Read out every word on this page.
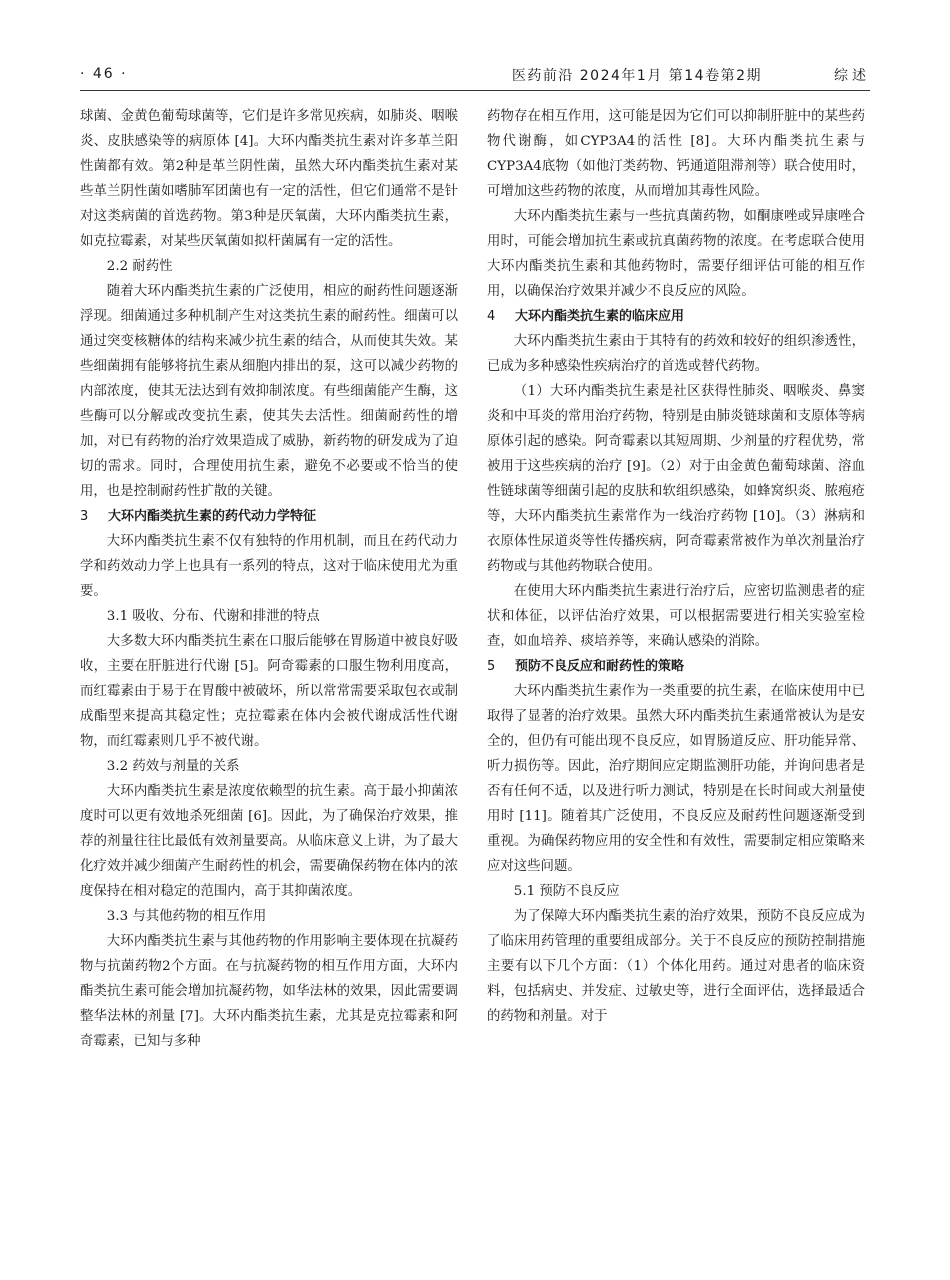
· 46 ·	医药前沿 2024年1月 第14卷第2期	综述

球菌、金黄色葡萄球菌等，它们是许多常见疾病，如肺炎、咽喉炎、皮肤感染等的病原体 [4]。大环内酯类抗生素对许多革兰阳性菌都有效。第2种是革兰阴性菌，虽然大环内酯类抗生素对某些革兰阴性菌如嗜肺军团菌也有一定的活性，但它们通常不是针对这类病菌的首选药物。第3种是厌氧菌，大环内酯类抗生素，如克拉霉素，对某些厌氧菌如拟杆菌属有一定的活性。

2.2 耐药性

随着大环内酯类抗生素的广泛使用，相应的耐药性问题逐渐浮现。细菌通过多种机制产生对这类抗生素的耐药性。细菌可以通过突变核糖体的结构来减少抗生素的结合，从而使其失效。某些细菌拥有能够将抗生素从细胞内排出的泵，这可以减少药物的内部浓度，使其无法达到有效抑制浓度。有些细菌能产生酶，这些酶可以分解或改变抗生素，使其失去活性。细菌耐药性的增加，对已有药物的治疗效果造成了威胁，新药物的研发成为了迫切的需求。同时，合理使用抗生素，避免不必要或不恰当的使用，也是控制耐药性扩散的关键。

3 大环内酯类抗生素的药代动力学特征

大环内酯类抗生素不仅有独特的作用机制，而且在药代动力学和药效动力学上也具有一系列的特点，这对于临床使用尤为重要。

3.1 吸收、分布、代谢和排泄的特点

大多数大环内酯类抗生素在口服后能够在胃肠道中被良好吸收，主要在肝脏进行代谢 [5]。阿奇霉素的口服生物利用度高，而红霉素由于易于在胃酸中被破坏，所以常常需要采取包衣或制成酯型来提高其稳定性；克拉霉素在体内会被代谢成活性代谢物，而红霉素则几乎不被代谢。

3.2 药效与剂量的关系

大环内酯类抗生素是浓度依赖型的抗生素。高于最小抑菌浓度时可以更有效地杀死细菌 [6]。因此，为了确保治疗效果，推荐的剂量往往比最低有效剂量要高。从临床意义上讲，为了最大化疗效并减少细菌产生耐药性的机会，需要确保药物在体内的浓度保持在相对稳定的范围内，高于其抑菌浓度。

3.3 与其他药物的相互作用

大环内酯类抗生素与其他药物的作用影响主要体现在抗凝药物与抗菌药物2个方面。在与抗凝药物的相互作用方面，大环内酯类抗生素可能会增加抗凝药物，如华法林的效果，因此需要调整华法林的剂量 [7]。大环内酯类抗生素，尤其是克拉霉素和阿奇霉素，已知与多种

药物存在相互作用，这可能是因为它们可以抑制肝脏中的某些药物代谢酶，如CYP3A4的活性 [8]。大环内酯类抗生素与CYP3A4底物（如他汀类药物、钙通道阻滞剂等）联合使用时，可增加这些药物的浓度，从而增加其毒性风险。

大环内酯类抗生素与一些抗真菌药物，如酮康唑或异康唑合用时，可能会增加抗生素或抗真菌药物的浓度。在考虑联合使用大环内酯类抗生素和其他药物时，需要仔细评估可能的相互作用，以确保治疗效果并减少不良反应的风险。

4 大环内酯类抗生素的临床应用

大环内酯类抗生素由于其特有的药效和较好的组织渗透性，已成为多种感染性疾病治疗的首选或替代药物。

（1）大环内酯类抗生素是社区获得性肺炎、咽喉炎、鼻窦炎和中耳炎的常用治疗药物，特别是由肺炎链球菌和支原体等病原体引起的感染。阿奇霉素以其短周期、少剂量的疗程优势，常被用于这些疾病的治疗 [9]。（2）对于由金黄色葡萄球菌、溶血性链球菌等细菌引起的皮肤和软组织感染，如蜂窝织炎、脓疱疮等，大环内酯类抗生素常作为一线治疗药物 [10]。（3）淋病和衣原体性尿道炎等性传播疾病，阿奇霉素常被作为单次剂量治疗药物或与其他药物联合使用。

在使用大环内酯类抗生素进行治疗后，应密切监测患者的症状和体征，以评估治疗效果，可以根据需要进行相关实验室检查，如血培养、痰培养等，来确认感染的消除。

5 预防不良反应和耐药性的策略

大环内酯类抗生素作为一类重要的抗生素，在临床使用中已取得了显著的治疗效果。虽然大环内酯类抗生素通常被认为是安全的，但仍有可能出现不良反应，如胃肠道反应、肝功能异常、听力损伤等。因此，治疗期间应定期监测肝功能，并询问患者是否有任何不适，以及进行听力测试，特别是在长时间或大剂量使用时 [11]。随着其广泛使用，不良反应及耐药性问题逐渐受到重视。为确保药物应用的安全性和有效性，需要制定相应策略来应对这些问题。

5.1 预防不良反应

为了保障大环内酯类抗生素的治疗效果，预防不良反应成为了临床用药管理的重要组成部分。关于不良反应的预防控制措施主要有以下几个方面：（1）个体化用药。通过对患者的临床资料，包括病史、并发症、过敏史等，进行全面评估，选择最适合的药物和剂量。对于
